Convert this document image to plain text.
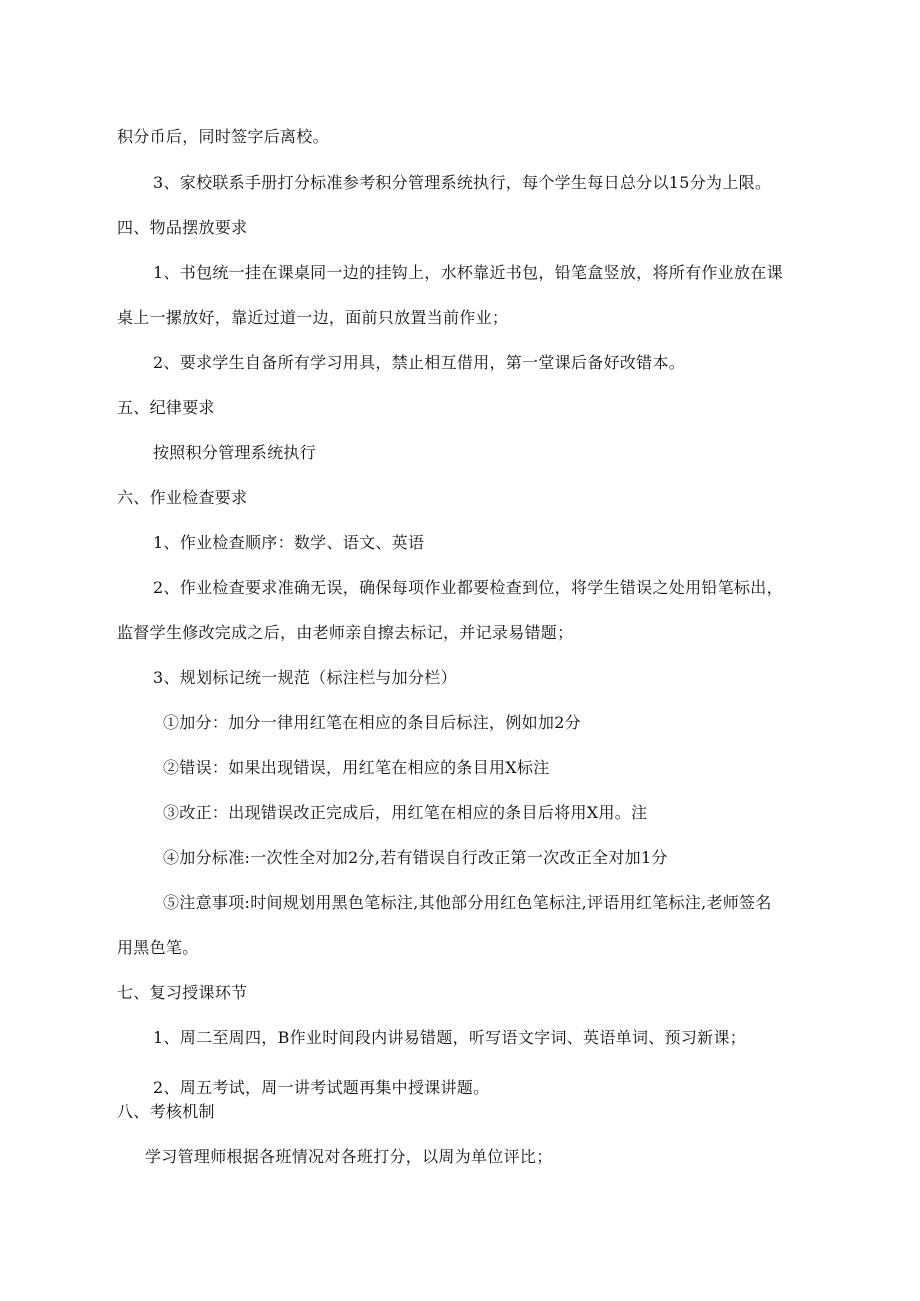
积分币后，同时签字后离校。
3、家校联系手册打分标准参考积分管理系统执行，每个学生每日总分以15分为上限。
四、物品摆放要求
1、书包统一挂在课桌同一边的挂钩上，水杯靠近书包，铅笔盒竖放，将所有作业放在课
桌上一摞放好，靠近过道一边，面前只放置当前作业；
2、要求学生自备所有学习用具，禁止相互借用，第一堂课后备好改错本。
五、纪律要求
按照积分管理系统执行
六、作业检查要求
1、作业检查顺序：数学、语文、英语
2、作业检查要求准确无误，确保每项作业都要检查到位，将学生错误之处用铅笔标出，
监督学生修改完成之后，由老师亲自擦去标记，并记录易错题；
3、规划标记统一规范（标注栏与加分栏）
①加分：加分一律用红笔在相应的条目后标注，例如加2分
②错误：如果出现错误，用红笔在相应的条目用X标注
③改正：出现错误改正完成后，用红笔在相应的条目后将用X用。注
④加分标准:一次性全对加2分,若有错误自行改正第一次改正全对加1分
⑤注意事项:时间规划用黑色笔标注,其他部分用红色笔标注,评语用红笔标注,老师签名
用黑色笔。
七、复习授课环节
1、周二至周四，B作业时间段内讲易错题，听写语文字词、英语单词、预习新课；
2、周五考试，周一讲考试题再集中授课讲题。
八、考核机制
学习管理师根据各班情况对各班打分，以周为单位评比；
